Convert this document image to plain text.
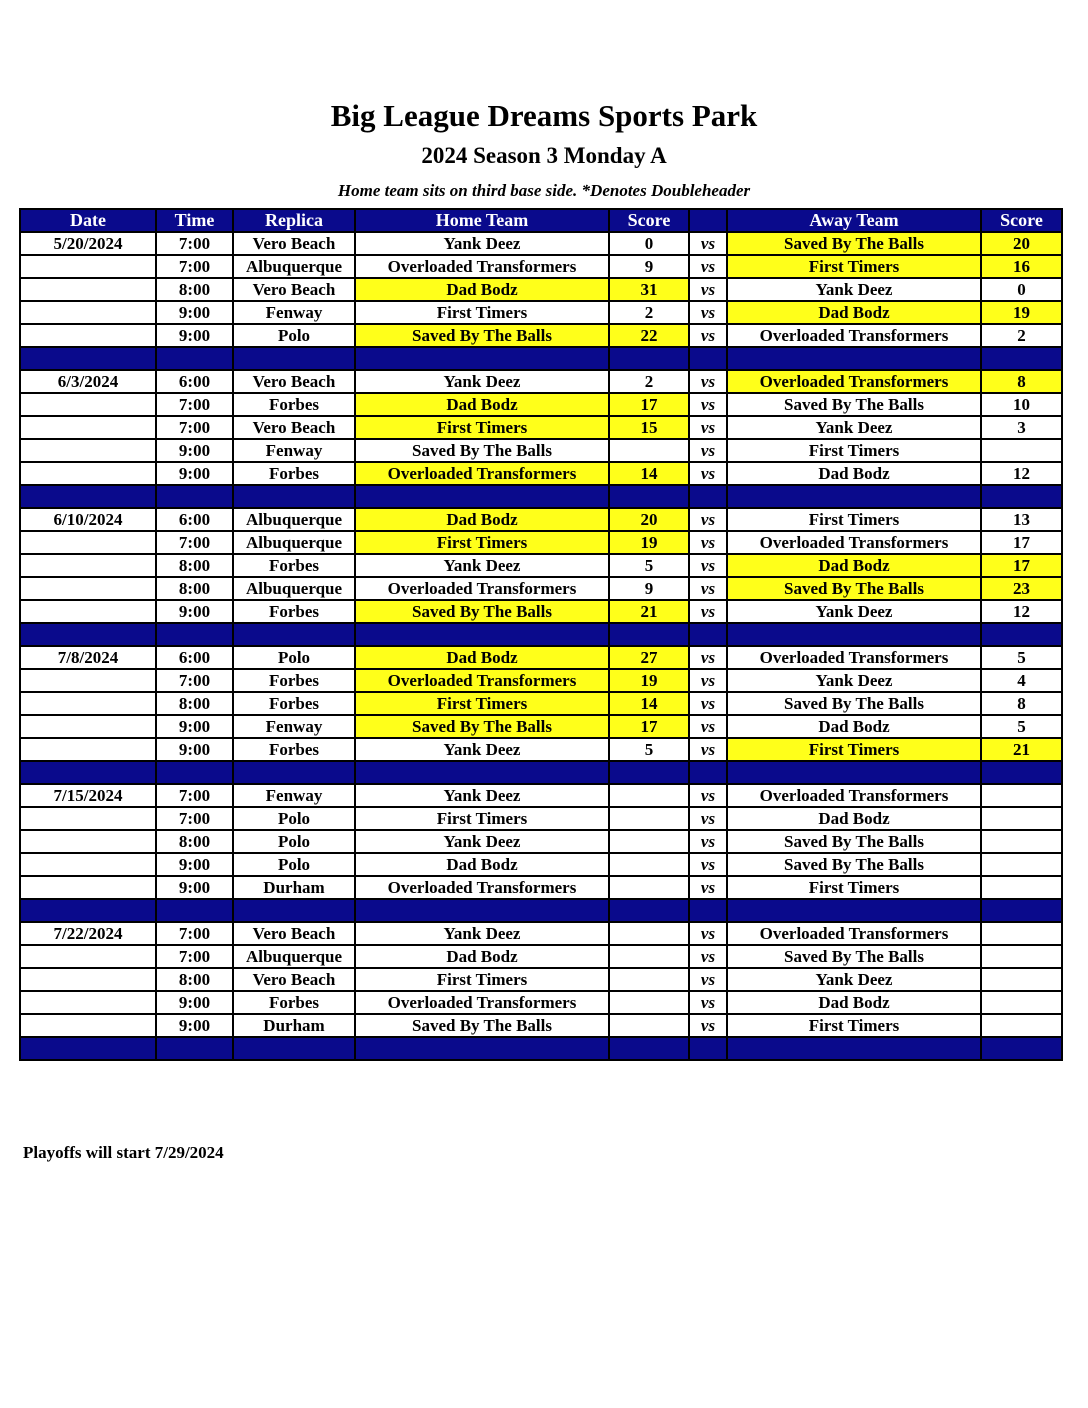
Big League Dreams Sports Park
2024 Season 3 Monday A
Home team sits on third base side. *Denotes Doubleheader
Date	Time	Replica	Home Team	Score		Away Team	Score
5/20/2024	7:00	Vero Beach	Yank Deez	0	vs	Saved By The Balls	20
	7:00	Albuquerque	Overloaded Transformers	9	vs	First Timers	16
	8:00	Vero Beach	Dad Bodz	31	vs	Yank Deez	0
	9:00	Fenway	First Timers	2	vs	Dad Bodz	19
	9:00	Polo	Saved By The Balls	22	vs	Overloaded Transformers	2

6/3/2024	6:00	Vero Beach	Yank Deez	2	vs	Overloaded Transformers	8
	7:00	Forbes	Dad Bodz	17	vs	Saved By The Balls	10
	7:00	Vero Beach	First Timers	15	vs	Yank Deez	3
	9:00	Fenway	Saved By The Balls		vs	First Timers	
	9:00	Forbes	Overloaded Transformers	14	vs	Dad Bodz	12

6/10/2024	6:00	Albuquerque	Dad Bodz	20	vs	First Timers	13
	7:00	Albuquerque	First Timers	19	vs	Overloaded Transformers	17
	8:00	Forbes	Yank Deez	5	vs	Dad Bodz	17
	8:00	Albuquerque	Overloaded Transformers	9	vs	Saved By The Balls	23
	9:00	Forbes	Saved By The Balls	21	vs	Yank Deez	12

7/8/2024	6:00	Polo	Dad Bodz	27	vs	Overloaded Transformers	5
	7:00	Forbes	Overloaded Transformers	19	vs	Yank Deez	4
	8:00	Forbes	First Timers	14	vs	Saved By The Balls	8
	9:00	Fenway	Saved By The Balls	17	vs	Dad Bodz	5
	9:00	Forbes	Yank Deez	5	vs	First Timers	21

7/15/2024	7:00	Fenway	Yank Deez		vs	Overloaded Transformers	
	7:00	Polo	First Timers		vs	Dad Bodz	
	8:00	Polo	Yank Deez		vs	Saved By The Balls	
	9:00	Polo	Dad Bodz		vs	Saved By The Balls	
	9:00	Durham	Overloaded Transformers		vs	First Timers	

7/22/2024	7:00	Vero Beach	Yank Deez		vs	Overloaded Transformers	
	7:00	Albuquerque	Dad Bodz		vs	Saved By The Balls	
	8:00	Vero Beach	First Timers		vs	Yank Deez	
	9:00	Forbes	Overloaded Transformers		vs	Dad Bodz	
	9:00	Durham	Saved By The Balls		vs	First Timers	

Playoffs will start 7/29/2024
